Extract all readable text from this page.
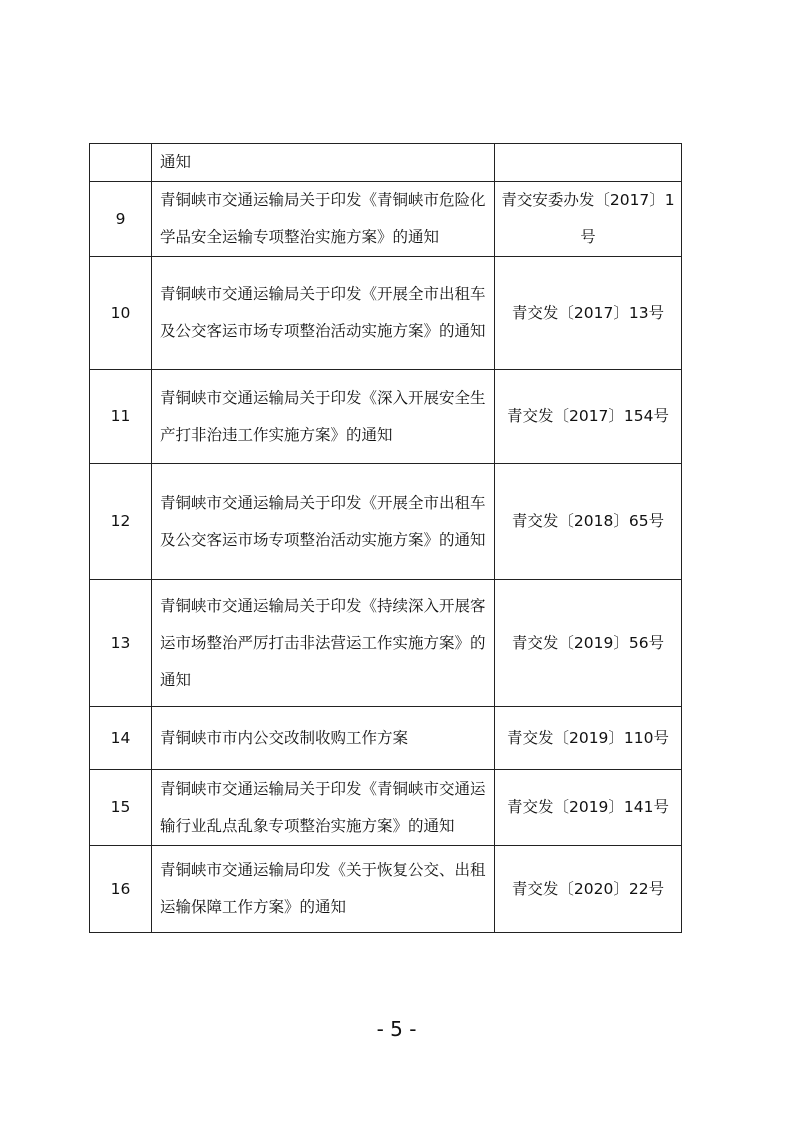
	通知	
9	青铜峡市交通运输局关于印发《青铜峡市危险化学品安全运输专项整治实施方案》的通知	青交安委办发〔2017〕1号
10	青铜峡市交通运输局关于印发《开展全市出租车及公交客运市场专项整治活动实施方案》的通知	青交发〔2017〕13号
11	青铜峡市交通运输局关于印发《深入开展安全生产打非治违工作实施方案》的通知	青交发〔2017〕154号
12	青铜峡市交通运输局关于印发《开展全市出租车及公交客运市场专项整治活动实施方案》的通知	青交发〔2018〕65号
13	青铜峡市交通运输局关于印发《持续深入开展客运市场整治严厉打击非法营运工作实施方案》的通知	青交发〔2019〕56号
14	青铜峡市市内公交改制收购工作方案	青交发〔2019〕110号
15	青铜峡市交通运输局关于印发《青铜峡市交通运输行业乱点乱象专项整治实施方案》的通知	青交发〔2019〕141号
16	青铜峡市交通运输局印发《关于恢复公交、出租运输保障工作方案》的通知	青交发〔2020〕22号
- 5 -
